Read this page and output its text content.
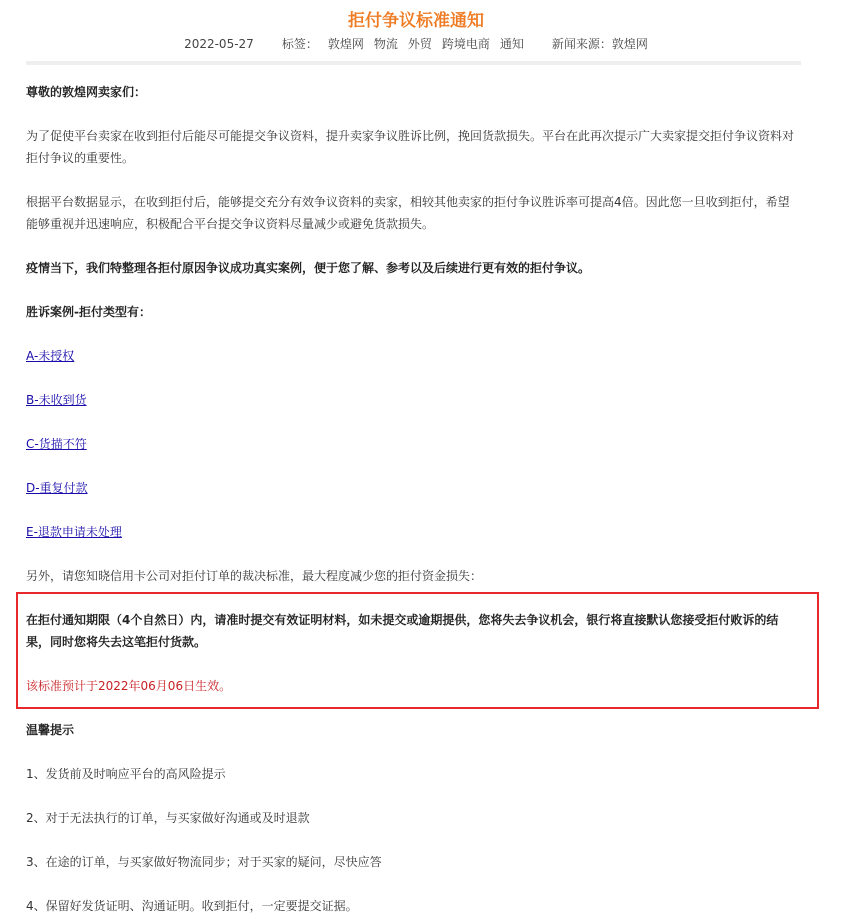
拒付争议标准通知
2022-05-27 标签： 敦煌网 物流 外贸 跨境电商 通知 新闻来源：敦煌网

尊敬的敦煌网卖家们：

为了促使平台卖家在收到拒付后能尽可能提交争议资料，提升卖家争议胜诉比例，挽回货款损失。平台在此再次提示广大卖家提交拒付争议资料对拒付争议的重要性。

根据平台数据显示，在收到拒付后，能够提交充分有效争议资料的卖家，相较其他卖家的拒付争议胜诉率可提高4倍。因此您一旦收到拒付，希望能够重视并迅速响应，积极配合平台提交争议资料尽量减少或避免货款损失。

疫情当下，我们特整理各拒付原因争议成功真实案例，便于您了解、参考以及后续进行更有效的拒付争议。

胜诉案例-拒付类型有：

A-未授权

B-未收到货

C-货描不符

D-重复付款

E-退款申请未处理

另外，请您知晓信用卡公司对拒付订单的裁决标准，最大程度减少您的拒付资金损失：

在拒付通知期限（4个自然日）内，请准时提交有效证明材料，如未提交或逾期提供，您将失去争议机会，银行将直接默认您接受拒付败诉的结果，同时您将失去这笔拒付货款。

该标准预计于2022年06月06日生效。

温馨提示

1、发货前及时响应平台的高风险提示

2、对于无法执行的订单，与买家做好沟通或及时退款

3、在途的订单，与买家做好物流同步；对于买家的疑问，尽快应答

4、保留好发货证明、沟通证明。收到拒付，一定要提交证据。
